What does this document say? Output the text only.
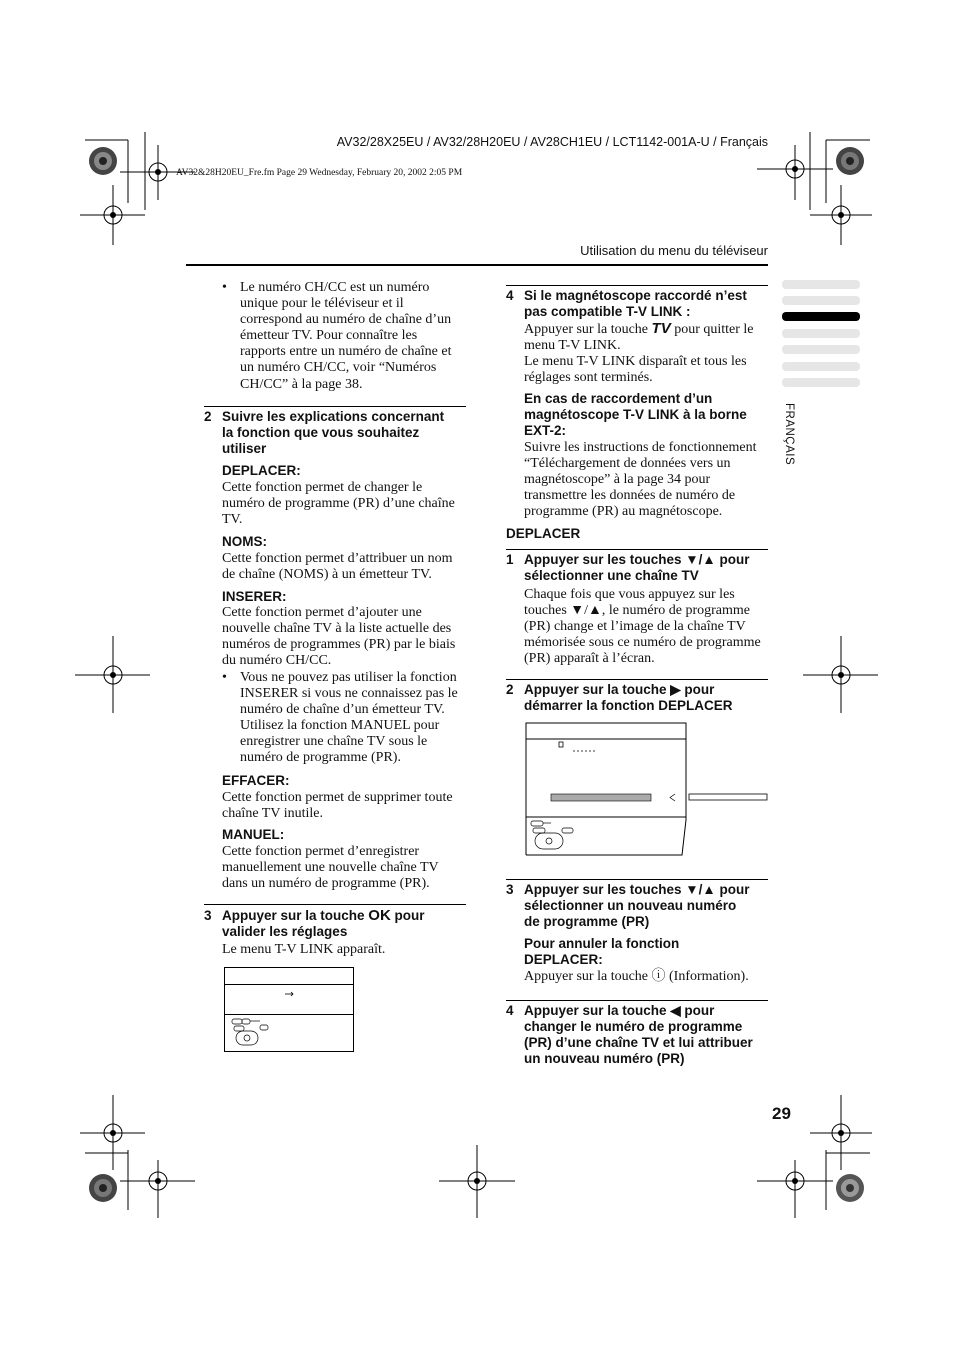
AV32/28X25EU / AV32/28H20EU / AV28CH1EU / LCT1142-001A-U / Français
AV32&28H20EU_Fre.fm Page 29 Wednesday, February 20, 2002 2:05 PM
Utilisation du menu du téléviseur
FRANÇAIS
• Le numéro CH/CC est un numéro
unique pour le téléviseur et il
correspond au numéro de chaîne d’un
émetteur TV. Pour connaître les
rapports entre un numéro de chaîne et
un numéro CH/CC, voir “Numéros
CH/CC” à la page 38.
2 Suivre les explications concernant
la fonction que vous souhaitez
utiliser
DEPLACER:
Cette fonction permet de changer le
numéro de programme (PR) d’une chaîne
TV.
NOMS:
Cette fonction permet d’attribuer un nom
de chaîne (NOMS) à un émetteur TV.
INSERER:
Cette fonction permet d’ajouter une
nouvelle chaîne TV à la liste actuelle des
numéros de programmes (PR) par le biais
du numéro CH/CC.
• Vous ne pouvez pas utiliser la fonction
INSERER si vous ne connaissez pas le
numéro de chaîne d’un émetteur TV.
Utilisez la fonction MANUEL pour
enregistrer une chaîne TV sous le
numéro de programme (PR).
EFFACER:
Cette fonction permet de supprimer toute
chaîne TV inutile.
MANUEL:
Cette fonction permet d’enregistrer
manuellement une nouvelle chaîne TV
dans un numéro de programme (PR).
3 Appuyer sur la touche OK pour
valider les réglages
Le menu T-V LINK apparaît.
4 Si le magnétoscope raccordé n’est
pas compatible T-V LINK :
Appuyer sur la touche TV pour quitter le
menu T-V LINK.
Le menu T-V LINK disparaît et tous les
réglages sont terminés.
En cas de raccordement d’un
magnétoscope T-V LINK à la borne
EXT-2:
Suivre les instructions de fonctionnement
“Téléchargement de données vers un
magnétoscope” à la page 34 pour
transmettre les données de numéro de
programme (PR) au magnétoscope.
DEPLACER
1 Appuyer sur les touches ▼/▲ pour
sélectionner une chaîne TV
Chaque fois que vous appuyez sur les
touches ▼/▲, le numéro de programme
(PR) change et l’image de la chaîne TV
mémorisée sous ce numéro de programme
(PR) apparaît à l’écran.
2 Appuyer sur la touche ▶ pour
démarrer la fonction DEPLACER
3 Appuyer sur les touches ▼/▲ pour
sélectionner un nouveau numéro
de programme (PR)
Pour annuler la fonction
DEPLACER:
Appuyer sur la touche ⓘ (Information).
4 Appuyer sur la touche ◀ pour
changer le numéro de programme
(PR) d’une chaîne TV et lui attribuer
un nouveau numéro (PR)
29
